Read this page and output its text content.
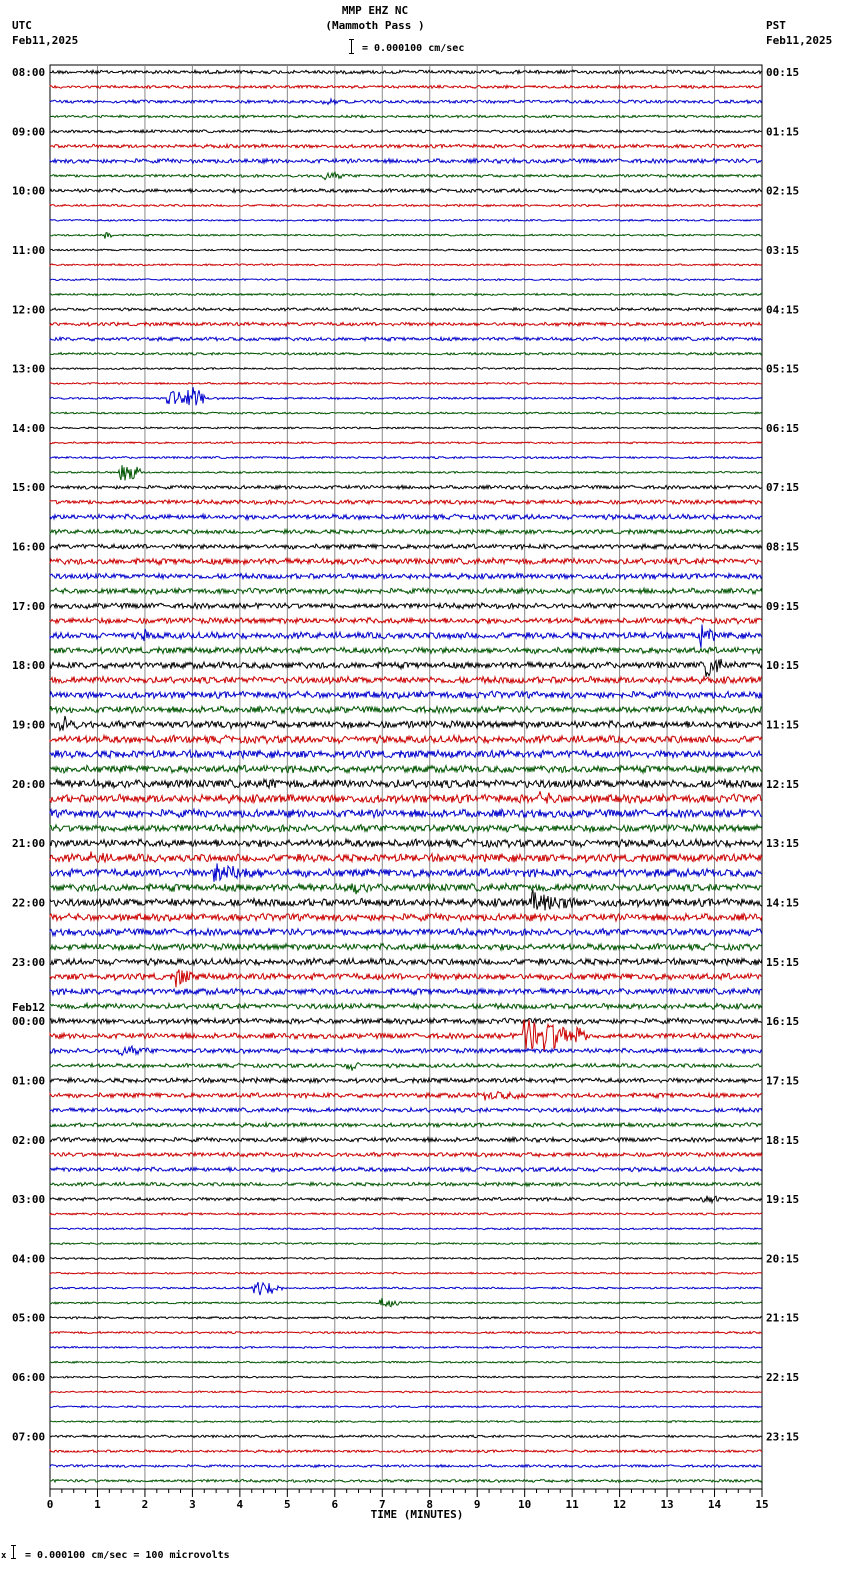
08:00
09:00
10:00
11:00
12:00
13:00
14:00
15:00
16:00
17:00
18:00
19:00
20:00
21:00
22:00
23:00
00:00
Feb12
01:00
02:00
03:00
04:00
05:00
06:00
07:00
00:15
01:15
02:15
03:15
04:15
05:15
06:15
07:15
08:15
09:15
10:15
11:15
12:15
13:15
14:15
15:15
16:15
17:15
18:15
19:15
20:15
21:15
22:15
23:15
0	1	2	3	4	5	6	7	8	9	10	11	12	13	14	15
MMP EHZ NC
(Mammoth Pass )
= 0.000100 cm/sec
UTC
Feb11,2025
PST
Feb11,2025
TIME (MINUTES)
x = 0.000100 cm/sec = 100 microvolts
